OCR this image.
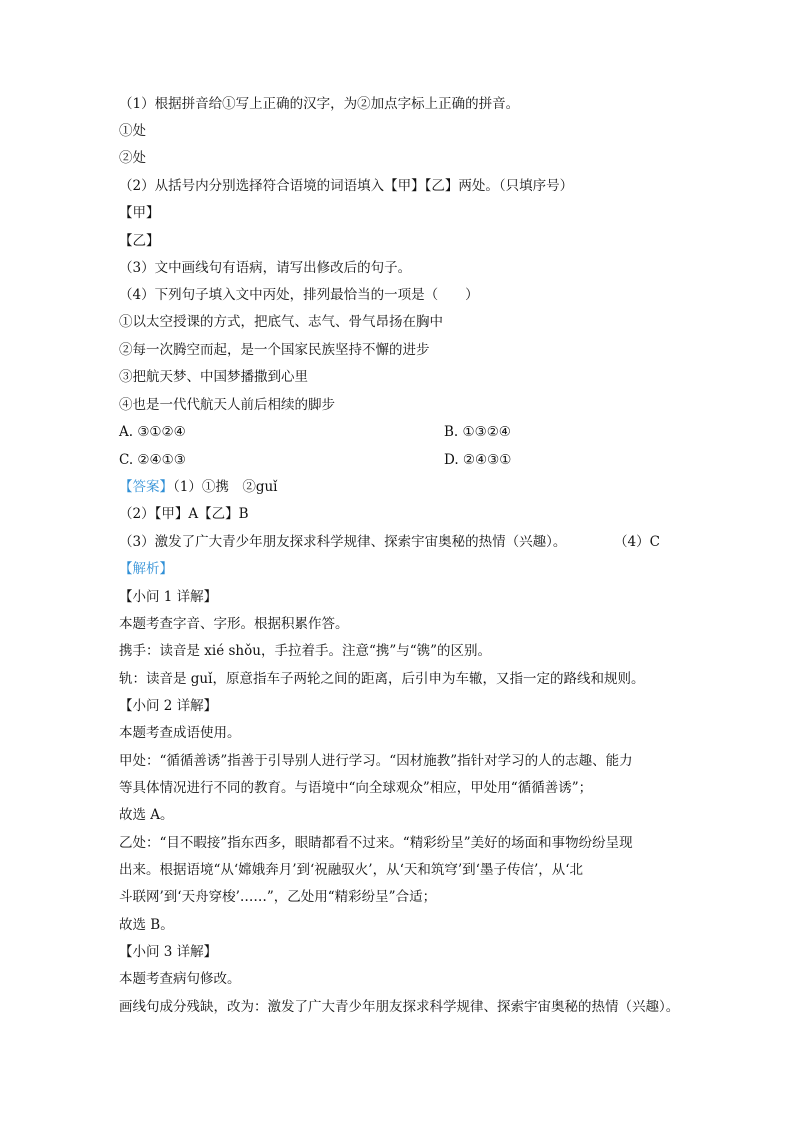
（1）根据拼音给①写上正确的汉字，为②加点字标上正确的拼音。
①处
②处
（2）从括号内分别选择符合语境的词语填入【甲】【乙】两处。（只填序号）
【甲】
【乙】
（3）文中画线句有语病，请写出修改后的句子。
（4）下列句子填入文中丙处，排列最恰当的一项是（　　）
①以太空授课的方式，把底气、志气、骨气昂扬在胸中
②每一次腾空而起，是一个国家民族坚持不懈的进步
③把航天梦、中国梦播撒到心里
④也是一代代航天人前后相续的脚步
A. ③①②④	B. ①③②④
C. ②④①③	D. ②④③①
【答案】（1）①携　②guǐ
（2）【甲】A【乙】B
（3）激发了广大青少年朋友探求科学规律、探索宇宙奥秘的热情（兴趣）。	（4）C
【解析】
【小问 1 详解】
本题考查字音、字形。根据积累作答。
携手：读音是 xié shǒu，手拉着手。注意“携”与“镌”的区别。
轨：读音是 guǐ，原意指车子两轮之间的距离，后引申为车辙，又指一定的路线和规则。
【小问 2 详解】
本题考查成语使用。
甲处：“循循善诱”指善于引导别人进行学习。“因材施教”指针对学习的人的志趣、能力
等具体情况进行不同的教育。与语境中“向全球观众”相应，甲处用“循循善诱”；
故选 A。
乙处：“目不暇接”指东西多，眼睛都看不过来。“精彩纷呈”美好的场面和事物纷纷呈现
出来。根据语境“从‘嫦娥奔月’到‘祝融驭火’，从‘天和筑穹’到‘墨子传信’，从‘北
斗联网’到‘天舟穿梭’……”，乙处用“精彩纷呈”合适；
故选 B。
【小问 3 详解】
本题考查病句修改。
画线句成分残缺，改为：激发了广大青少年朋友探求科学规律、探索宇宙奥秘的热情（兴趣）。
